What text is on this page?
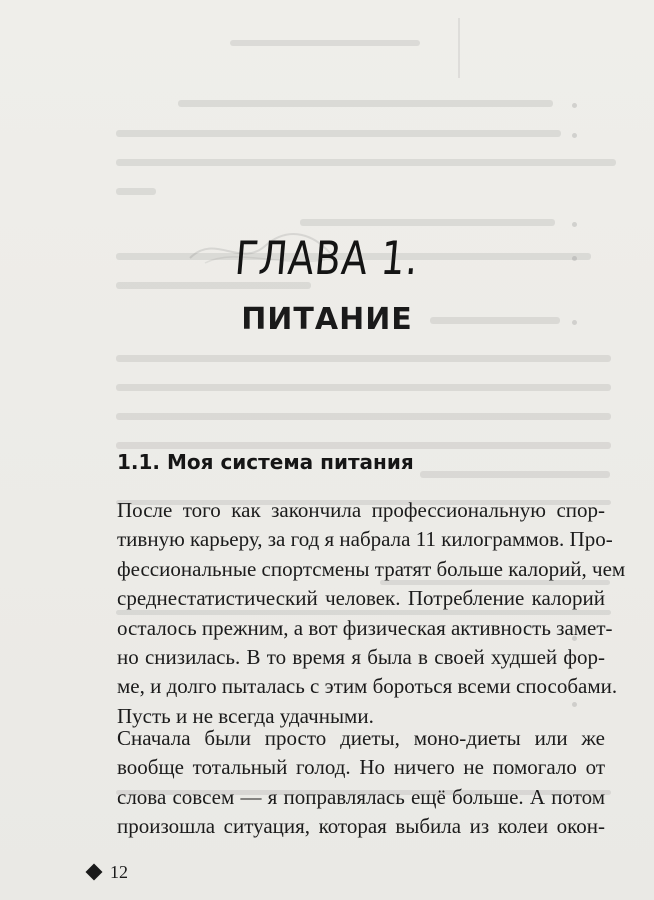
ГЛАВА 1.
ПИТАНИЕ
1.1. Моя система питания

После того как закончила профессиональную спор-
тивную карьеру, за год я набрала 11 килограммов. Про-
фессиональные спортсмены тратят больше калорий, чем
среднестатистический человек. Потребление калорий
осталось прежним, а вот физическая активность замет-
но снизилась. В то время я была в своей худшей фор-
ме, и долго пыталась с этим бороться всеми способами.
Пусть и не всегда удачными.

Сначала были просто диеты, моно-диеты или же
вообще тотальный голод. Но ничего не помогало от
слова совсем — я поправлялась ещё больше. А потом
произошла ситуация, которая выбила из колеи окон-

12
